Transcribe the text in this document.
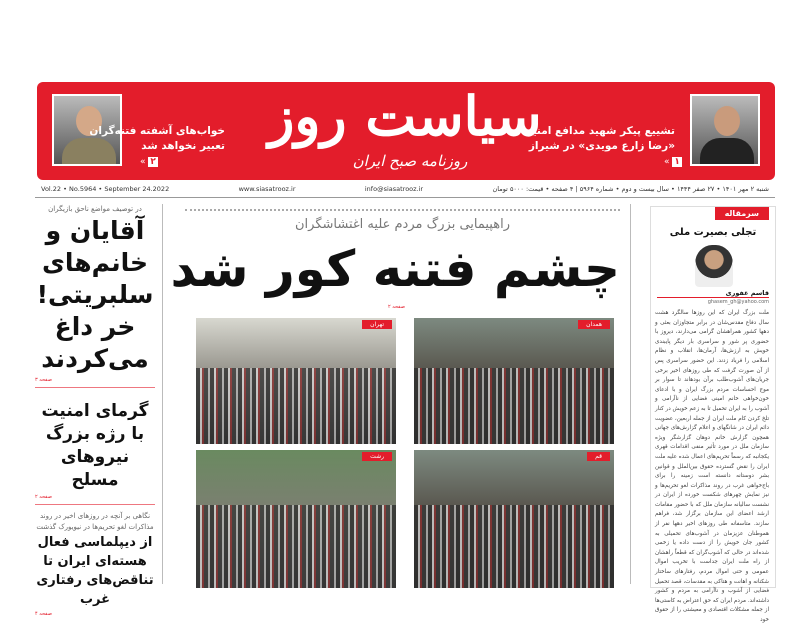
سیاست روز
روزنامه صبح ایران
تشییع پیکر شهید مدافع امنیت
«رضا زارع مویدی» در شیراز
« ۱
خواب‌های آشفته فتنه‌گران
تعبیر نخواهد شد
« ۲
شنبه ۲ مهر ۱۴۰۱ • ۲۷ صفر ۱۴۴۴ • سال بیست و دوم • شماره ۵۹۶۴ | ۴ صفحه • قیمت: ۵۰۰۰ تومان
info@siasatrooz.ir
www.siasatrooz.ir
Vol.22 • No.5964 • September 24.2022
در توصیف مواضع ناحق بازیگران
آقایان و خانم‌های سلبریتی! خر داغ می‌کردند
صفحه ۳
گرمای امنیت با رژه بزرگ نیروهای مسلح
صفحه ۲
نگاهی بر آنچه در روزهای اخیر در روند مذاکرات لغو تحریم‌ها در نیویورک گذشت
از دیپلماسی فعال هسته‌ای ایران تا تناقض‌های رفتاری غرب
صفحه ۴
راهپیمایی بزرگ مردم علیه اغتشاشگران
چشم فتنه کور شد
صفحه ۲
همدان
تهران
قم
رشت
سرمقاله
تجلی بصیرت ملی
قاسم غفوری
ghasem_gh@yahoo.com
ملت بزرگ ایران که این روزها سالگرد هشت سال دفاع مقدس‌شان در برابر متجاوزان بعثی و دهها کشور همراهشان گرامی می‌دارند، دیروز با حضوری پر شور و سراسری بار دیگر پایبندی خویش به ارزش‌ها، آرمان‌ها، انقلاب و نظام اسلامی را فریاد زدند. این حضور سراسری پس از آن صورت گرفت که طی روزهای اخیر برخی جریان‌های آشوب‌طلب برآن بودهاند تا سوار بر موج احساسات مردم بزرگ ایران و با ادعای خون‌خواهی خانم امینی فضایی از ناآرامی و آشوب را به ایران تحمیل تا به زعم خویش در کنار تلخ کردن کام ملت ایران از جمله اربعین، عضویت دائم ایران در شانگهای و اعلام گزارش‌های جهانی همچون گزارش خانم دوهان گزارشگر ویژه سازمان ملل در مورد تأثیر منفی اقدامات قهری یکجانبه که رسماً تحریم‌های اعمال شده علیه ملت ایران را نقض گسترده حقوق بین‌الملل و قوانین بشر دوستانه دانسته است زمینه را برای باج‌خواهی غرب در روند مذاکرات لغو تحریم‌ها و نیز نمایش چهرهای شکست خورده از ایران در نشست سالیانه سازمان ملل که با حضور مقامات ارشد اعضای این سازمان برگزار شد، فراهم سازند. متاسفانه طی روزهای اخیر دهها نفر از هموطنان عزیزمان در آشوب‌های تحمیلی به کشور جان خویش را از دست داده یا زخمی شده‌اند در حالی که آشوب‌گران که قطعاً راهشان از راه ملت ایران جداست با تخریب اموال عمومی و حتی اموال مردم، رفتارهای ساختار شکنانه و اهانت و هتاکی به مقدسات، قصد تحمیل فضایی از آشوب و ناآرامی به مردم و کشور داشته‌اند. مردم ایران که حق اعتراض به کاستی‌ها از جمله مشکلات اقتصادی و معیشتی را از حقوق خود
